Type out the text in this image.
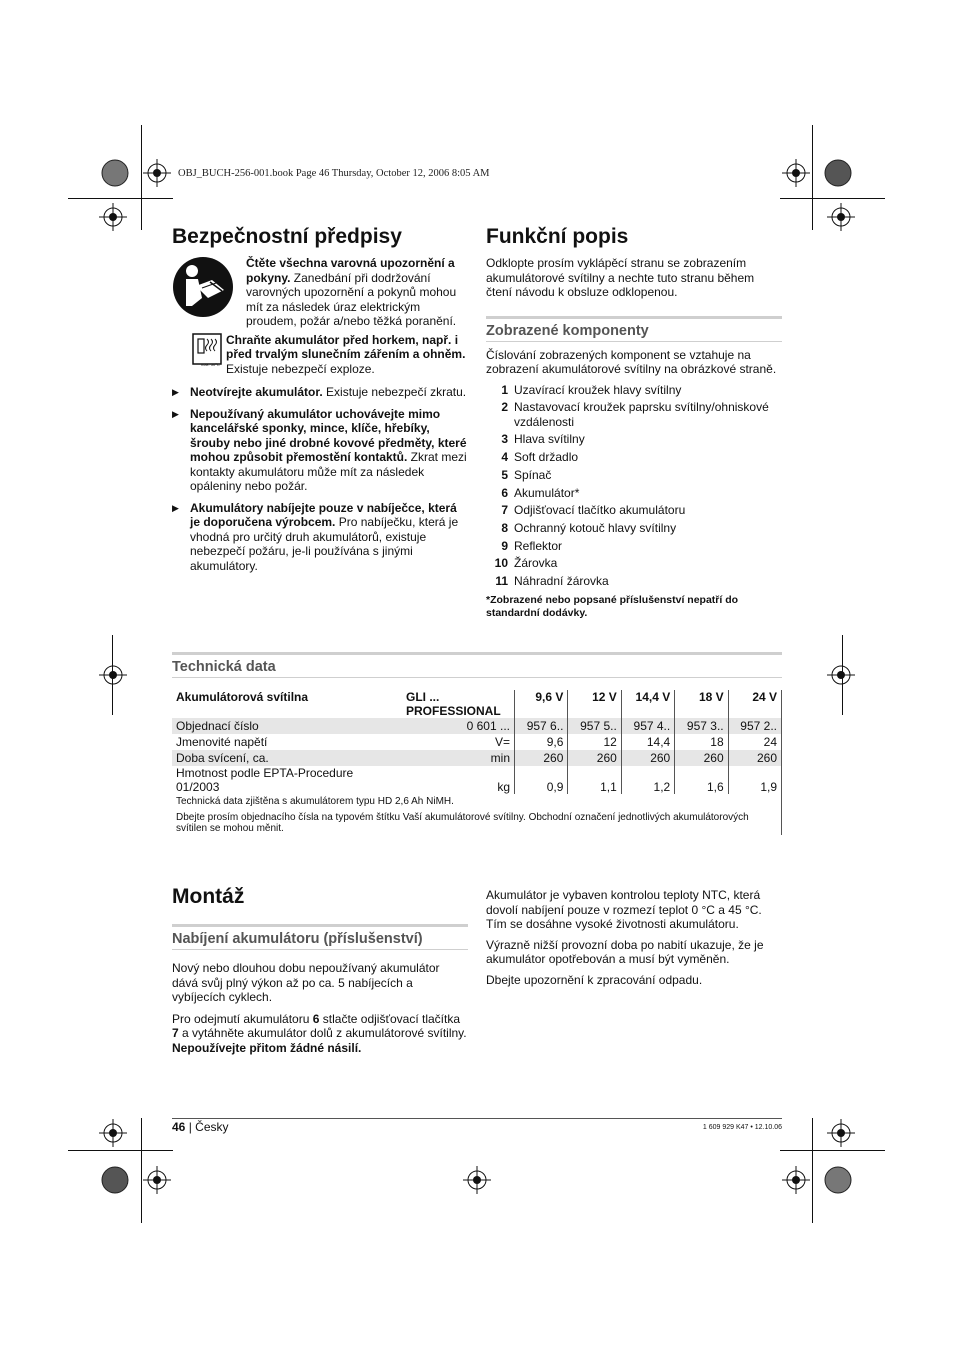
OBJ_BUCH-256-001.book Page 46 Thursday, October 12, 2006 8:05 AM
Bezpečnostní předpisy

Čtěte všechna varovná upozornění a pokyny. Zanedbání při dodržování varovných upozornění a pokynů mohou mít za následek úraz elektrickým proudem, požár a/nebo těžká poranění.

max. 50°C

Chraňte akumulátor před horkem, např. i před trvalým slunečním zářením a ohněm. Existuje nebezpečí exploze.

▶ Neotvírejte akumulátor. Existuje nebezpečí zkratu.

▶ Nepoužívaný akumulátor uchovávejte mimo kancelářské sponky, mince, klíče, hřebíky, šrouby nebo jiné drobné kovové předměty, které mohou způsobit přemostění kontaktů. Zkrat mezi kontakty akumulátoru může mít za následek opáleniny nebo požár.

▶ Akumulátory nabíjejte pouze v nabíječce, která je doporučena výrobcem. Pro nabíječku, která je vhodná pro určitý druh akumulátorů, existuje nebezpečí požáru, je-li používána s jinými akumulátory.

Funkční popis

Odklopte prosím vyklápěcí stranu se zobrazením akumulátorové svítilny a nechte tuto stranu během čtení návodu k obsluze odklopenou.

Zobrazené komponenty

Číslování zobrazených komponent se vztahuje na zobrazení akumulátorové svítilny na obrázkové straně.

1 Uzavírací kroužek hlavy svítilny
2 Nastavovací kroužek paprsku svítilny/ohniskové vzdálenosti
3 Hlava svítilny
4 Soft držadlo
5 Spínač
6 Akumulátor*
7 Odjišťovací tlačítko akumulátoru
8 Ochranný kotouč hlavy svítilny
9 Reflektor
10 Žárovka
11 Náhradní žárovka

*Zobrazené nebo popsané příslušenství nepatří do standardní dodávky.

Technická data
Akumulátorová svítilna	GLI ...
PROFESSIONAL	9,6 V	12 V	14,4 V	18 V	24 V
Objednací číslo	0 601 ...	957 6..	957 5..	957 4..	957 3..	957 2..
Jmenovité napětí	V=	9,6	12	14,4	18	24
Doba svícení, ca.	min	260	260	260	260	260

Hmotnost podle EPTA-Procedure
01/2003	kg	0,9	1,1	1,2	1,6	1,9
Technická data zjištěna s akumulátorem typu HD 2,6 Ah NiMH.
Dbejte prosím objednacího čísla na typovém štítku Vaší akumulátorové svítilny. Obchodní označení jednotlivých akumulátorových svítilen se mohou měnit.
Montáž
Nabíjení akumulátoru (příslušenství)

Nový nebo dlouhou dobu nepoužívaný akumulátor dává svůj plný výkon až po ca. 5 nabíjecích a vybíjecích cyklech.

Pro odejmutí akumulátoru 6 stlačte odjišťovací tlačítka 7 a vytáhněte akumulátor dolů z akumulátorové svítilny. Nepoužívejte přitom žádné násilí.

Akumulátor je vybaven kontrolou teploty NTC, která dovolí nabíjení pouze v rozmezí teplot 0 °C a 45 °C. Tím se dosáhne vysoké životnosti akumulátoru.

Výrazně nižší provozní doba po nabití ukazuje, že je akumulátor opotřebován a musí být vyměněn.

Dbejte upozornění k zpracování odpadu.

46 | Česky	1 609 929 K47 • 12.10.06
